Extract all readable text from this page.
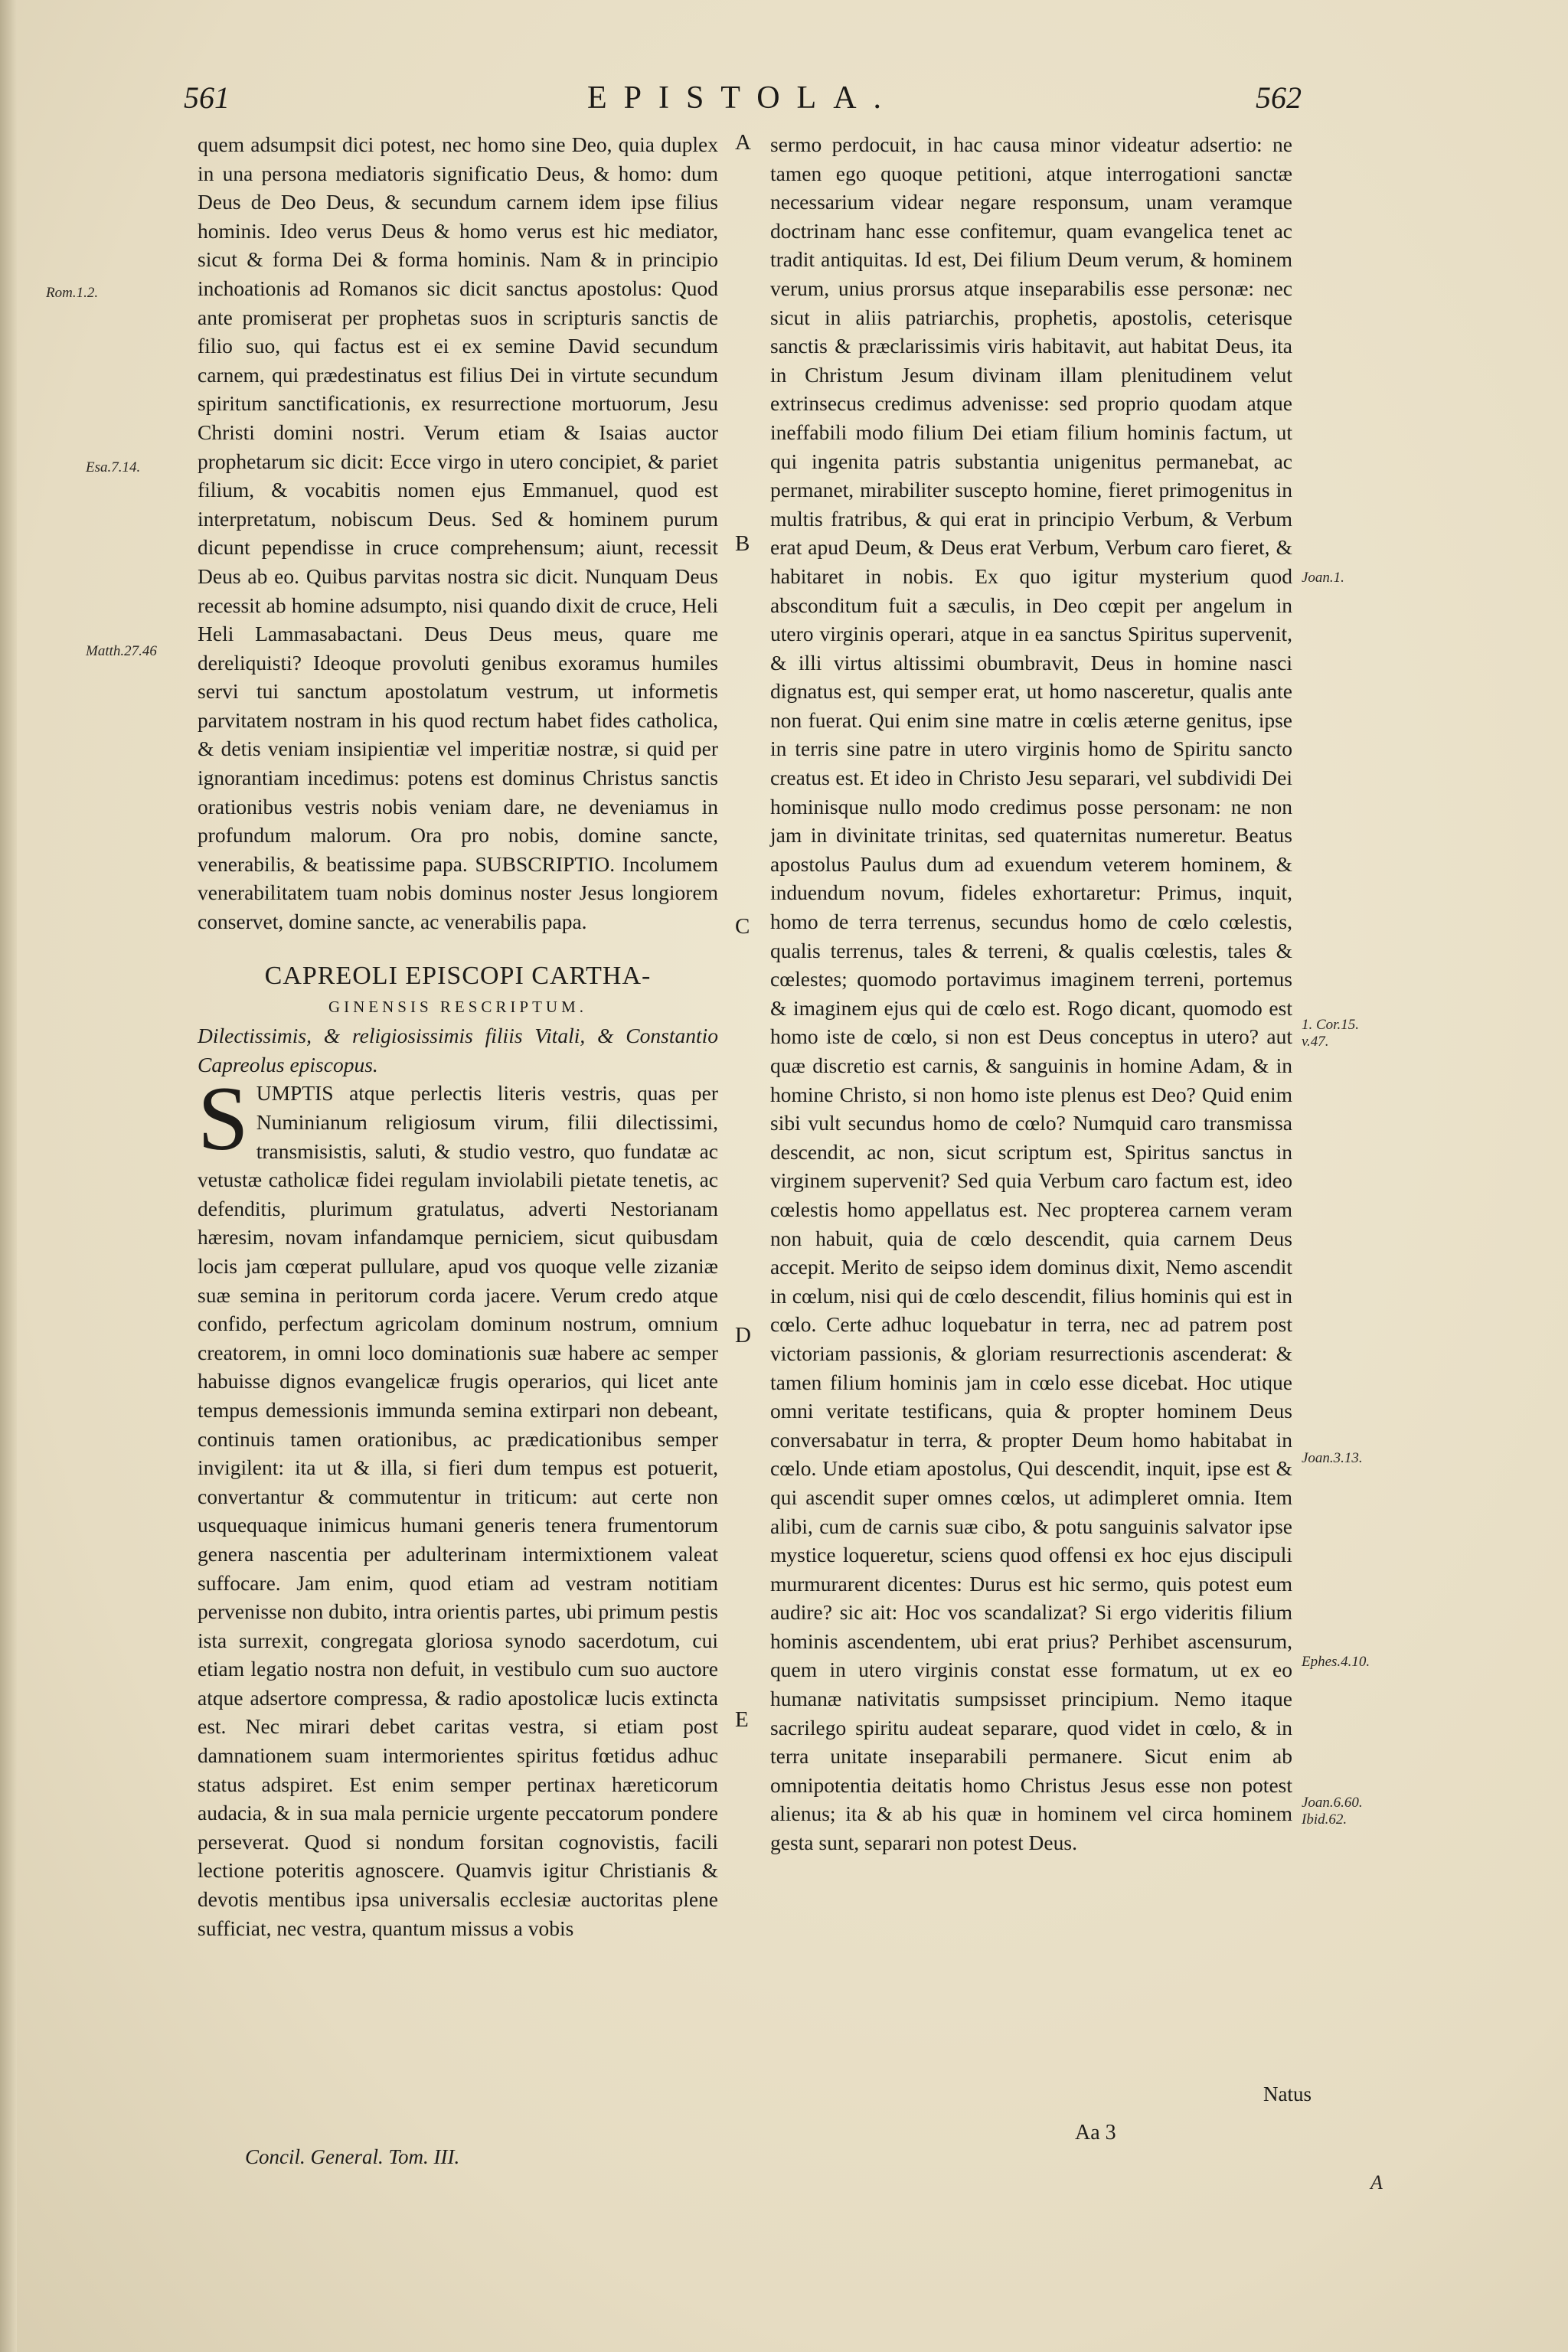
561	EPISTOLA.	562

quem adsumpsit dici potest, nec homo sine Deo, quia duplex in una persona mediatoris significatio Deus, & homo: dum Deus de Deo Deus, & secundum carnem idem ipse filius hominis. Ideo verus Deus & homo verus est hic mediator, sicut & forma Dei & forma hominis. Nam & in principio inchoationis ad Romanos sic dicit sanctus apostolus: Quod ante promiserat per prophetas suos in scripturis sanctis de filio suo, qui factus est ei ex semine David secundum carnem, qui prædestinatus est filius Dei in virtute secundum spiritum sanctificationis, ex resurrectione mortuorum, Jesu Christi domini nostri. Verum etiam & Isaias auctor prophetarum sic dicit: Ecce virgo in utero concipiet, & pariet filium, & vocabitis nomen ejus Emmanuel, quod est interpretatum, nobiscum Deus. Sed & hominem purum dicunt pependisse in cruce comprehensum; aiunt, recessit Deus ab eo. Quibus parvitas nostra sic dicit. Nunquam Deus recessit ab homine adsumpto, nisi quando dixit de cruce, Heli Heli Lammasabactani. Deus Deus meus, quare me dereliquisti? Ideoque provoluti genibus exoramus humiles servi tui sanctum apostolatum vestrum, ut informetis parvitatem nostram in his quod rectum habet fides catholica, & detis veniam insipientiæ vel imperitiæ nostræ, si quid per ignorantiam incedimus: potens est dominus Christus sanctis orationibus vestris nobis veniam dare, ne deveniamus in profundum malorum. Ora pro nobis, domine sancte, venerabilis, & beatissime papa. SUBSCRIPTIO. Incolumem venerabilitatem tuam nobis dominus noster Jesus longiorem conservet, domine sancte, ac venerabilis papa.

CAPREOLI EPISCOPI CARTHA-
GINENSIS RESCRIPTUM.

Dilectissimis, & religiosissimis filiis Vitali, & Constantio Capreolus episcopus.

S UMPTIS atque perlectis literis vestris, quas per Numinianum religiosum virum, filii dilectissimi, transmisistis, saluti, & studio vestro, quo fundatæ ac vetustæ catholicæ fidei regulam inviolabili pietate tenetis, ac defenditis, plurimum gratulatus, adverti Nestorianam hæresim, novam infandamque perniciem, sicut quibusdam locis jam cœperat pullulare, apud vos quoque velle zizaniæ suæ semina in peritorum corda jacere. Verum credo atque confido, perfectum agricolam dominum nostrum, omnium creatorem, in omni loco dominationis suæ habere ac semper habuisse dignos evangelicæ frugis operarios, qui licet ante tempus demessionis immunda semina extirpari non debeant, continuis tamen orationibus, ac prædicationibus semper invigilent: ita ut & illa, si fieri dum tempus est potuerit, convertantur & commutentur in triticum: aut certe non usquequaque inimicus humani generis tenera frumentorum genera nascentia per adulterinam intermixtionem valeat suffocare. Jam enim, quod etiam ad vestram notitiam pervenisse non dubito, intra orientis partes, ubi primum pestis ista surrexit, congregata gloriosa synodo sacerdotum, cui etiam legatio nostra non defuit, in vestibulo cum suo auctore atque adsertore compressa, & radio apostolicæ lucis extincta est. Nec mirari debet caritas vestra, si etiam post damnationem suam intermorientes spiritus fœtidus adhuc status adspiret. Est enim semper pertinax hæreticorum audacia, & in sua mala pernicie urgente peccatorum pondere perseverat. Quod si nondum forsitan cognovistis, facili lectione poteritis agnoscere. Quamvis igitur Christianis & devotis mentibus ipsa universalis ecclesiæ auctoritas plene sufficiat, nec vestra, quantum missus a vobis

sermo perdocuit, in hac causa minor videatur adsertio: ne tamen ego quoque petitioni, atque interrogationi sanctæ necessarium videar negare responsum, unam veramque doctrinam hanc esse confitemur, quam evangelica tenet ac tradit antiquitas. Id est, Dei filium Deum verum, & hominem verum, unius prorsus atque inseparabilis esse personæ: nec sicut in aliis patriarchis, prophetis, apostolis, ceterisque sanctis & præclarissimis viris habitavit, aut habitat Deus, ita in Christum Jesum divinam illam plenitudinem velut extrinsecus credimus advenisse: sed proprio quodam atque ineffabili modo filium Dei etiam filium hominis factum, ut qui ingenita patris substantia unigenitus permanebat, ac permanet, mirabiliter suscepto homine, fieret primogenitus in multis fratribus, & qui erat in principio Verbum, & Verbum erat apud Deum, & Deus erat Verbum, Verbum caro fieret, & habitaret in nobis. Ex quo igitur mysterium quod absconditum fuit a sæculis, in Deo cœpit per angelum in utero virginis operari, atque in ea sanctus Spiritus supervenit, & illi virtus altissimi obumbravit, Deus in homine nasci dignatus est, qui semper erat, ut homo nasceretur, qualis ante non fuerat. Qui enim sine matre in cœlis æterne genitus, ipse in terris sine patre in utero virginis homo de Spiritu sancto creatus est. Et ideo in Christo Jesu separari, vel subdividi Dei hominisque nullo modo credimus posse personam: ne non jam in divinitate trinitas, sed quaternitas numeretur. Beatus apostolus Paulus dum ad exuendum veterem hominem, & induendum novum, fideles exhortaretur: Primus, inquit, homo de terra terrenus, secundus homo de cœlo cœlestis, qualis terrenus, tales & terreni, & qualis cœlestis, tales & cœlestes; quomodo portavimus imaginem terreni, portemus & imaginem ejus qui de cœlo est. Rogo dicant, quomodo est homo iste de cœlo, si non est Deus conceptus in utero? aut quæ discretio est carnis, & sanguinis in homine Adam, & in homine Christo, si non homo iste plenus est Deo? Quid enim sibi vult secundus homo de cœlo? Numquid caro transmissa descendit, ac non, sicut scriptum est, Spiritus sanctus in virginem supervenit? Sed quia Verbum caro factum est, ideo cœlestis homo appellatus est. Nec propterea carnem veram non habuit, quia de cœlo descendit, quia carnem Deus accepit. Merito de seipso idem dominus dixit, Nemo ascendit in cœlum, nisi qui de cœlo descendit, filius hominis qui est in cœlo. Certe adhuc loquebatur in terra, nec ad patrem post victoriam passionis, & gloriam resurrectionis ascenderat: & tamen filium hominis jam in cœlo esse dicebat. Hoc utique omni veritate testificans, quia & propter hominem Deus conversabatur in terra, & propter Deum homo habitabat in cœlo. Unde etiam apostolus, Qui descendit, inquit, ipse est & qui ascendit super omnes cœlos, ut adimpleret omnia. Item alibi, cum de carnis suæ cibo, & potu sanguinis salvator ipse mystice loqueretur, sciens quod offensi ex hoc ejus discipuli murmurarent dicentes: Durus est hic sermo, quis potest eum audire? sic ait: Hoc vos scandalizat? Si ergo videritis filium hominis ascendentem, ubi erat prius? Perhibet ascensurum, quem in utero virginis constat esse formatum, ut ex eo humanæ nativitatis sumpsisset principium. Nemo itaque sacrilego spiritu audeat separare, quod videt in cœlo, & in terra unitate inseparabili permanere. Sicut enim ab omnipotentia deitatis homo Christus Jesus esse non potest alienus; ita & ab his quæ in hominem vel circa hominem gesta sunt, separari non potest Deus.

A
B
C
D
E
Rom.1.2.
Esa.7.14.
Matth.27.46
Joan.1.
1. Cor.15. v.47.
Joan.3.13.
Ephes.4.10.
Joan.6.60. Ibid.62.
Concil. General. Tom. III.
Aa 3
Natus
A
